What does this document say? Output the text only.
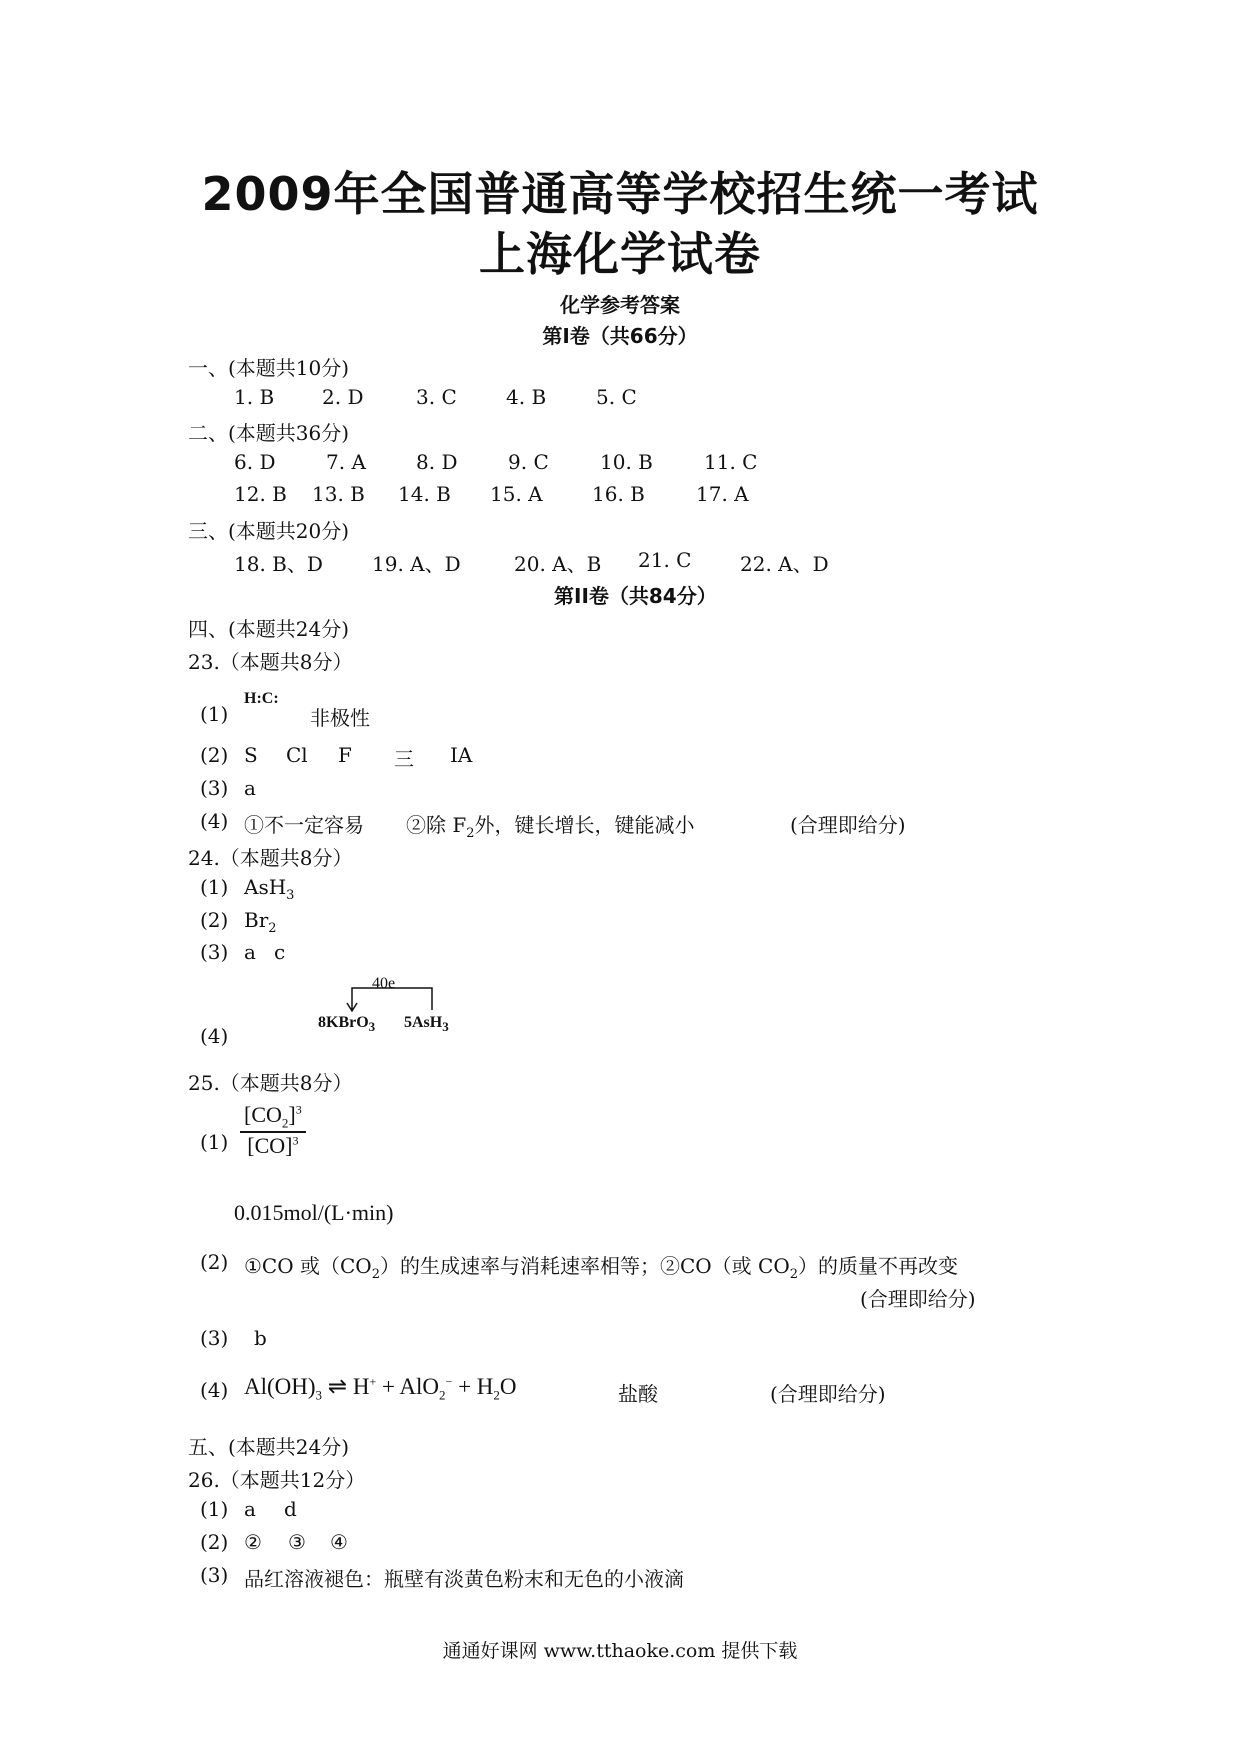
2009年全国普通高等学校招生统一考试
上海化学试卷
化学参考答案
第I卷（共66分）
一、(本题共10分)
1. B 2. D	3. C 4. B 5. C
二、(本题共36分)
6. D	7. A	8. D	9. C	10. B	11. C
12. B 13. B 14. B 15. A 16. B	17. A
三、(本题共20分)
18. B、D 19. A、D	20. A、B 21. C 22. A、D
第II卷（共84分）
四、(本题共24分)
23.（本题共8分）
(1)
H:C:
非极性
(2) S Cl F 三 IA
(3) a
(4) ①不一定容易 ②除 $F_2$外，键长增长，键能减小	(合理即给分)
24.（本题共8分）
(1) AsH$_3$
(2) $Br_2$
(3) a c
(4)
40e
8KBrO$_3$ 5AsH$_3$
25.（本题共8分）
$(1) \frac{[CO_2]^3}{[CO]^3}$
0.015mol/(L·min)
(2) ①CO 或$(CO_2)$的生成速率与消耗速率相等；②CO（或 $CO_2$）的质量不再改变
(合理即给分)
(3) b
(4) $Al(OH)_3$ ⇌ $H^+ + AlO_2^- + H_2O$	盐酸	(合理即给分)
五、(本题共24分)
26.（本题共12分）
(1) a d
(2) ② ③ ④
(3) 品红溶液褪色：瓶壁有淡黄色粉末和无色的小液滴
通通好课网 www.tthaoke.com 提供下载
